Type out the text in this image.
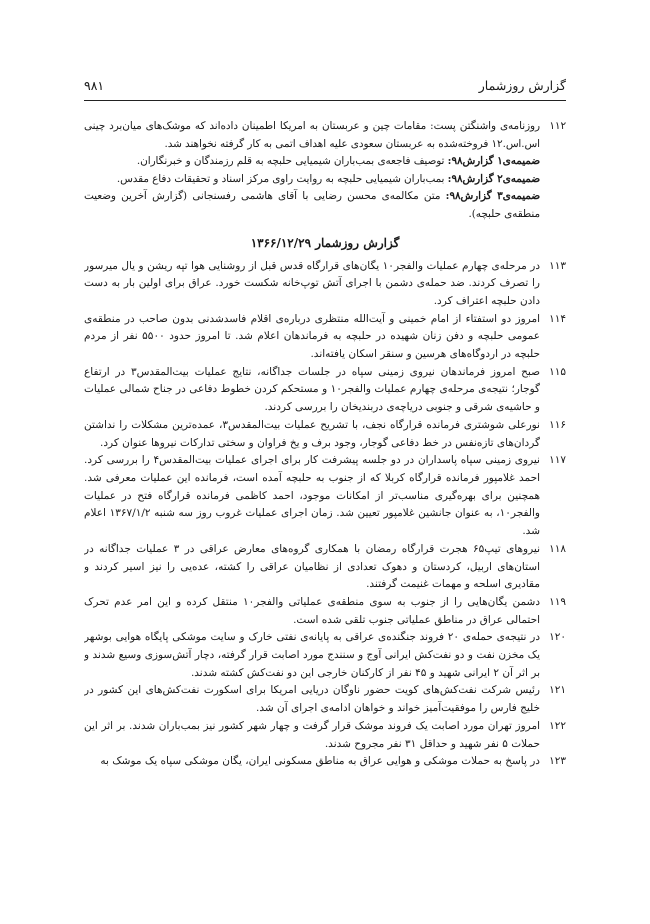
۹۸۱	گزارش روزشمار
۱۱۲
روزنامه‌ی واشنگتن پست: مقامات چین و عربستان به امریکا اطمینان داده‌اند که موشک‌های میان‌برد چینی اس.اس.۱۲ فروخته‌شده به عربستان سعودی علیه اهداف اتمی به کار گرفته نخواهند شد.
ضمیمه‌ی۱ گزارش۹۸: توصیف فاجعه‌ی بمب‌باران شیمیایی حلبچه به قلم رزمندگان و خبرنگاران.
ضمیمه‌ی۲ گزارش۹۸: بمب‌باران شیمیایی حلبچه به روایت راوی مرکز اسناد و تحقیقات دفاع مقدس.
ضمیمه‌ی۳ گزارش۹۸: متن مکالمه‌ی محسن رضایی با آقای هاشمی رفسنجانی (گزارش آخرین وضعیت منطقه‌ی حلبچه).
گزارش روزشمار ۱۳۶۶/۱۲/۲۹
۱۱۳
در مرحله‌ی چهارم عملیات والفجر۱۰ یگان‌های قرارگاه قدس قبل از روشنایی هوا تپه ریشن و یال میرسور را تصرف کردند. ضد حمله‌ی دشمن با اجرای آتش توپ‌خانه شکست خورد. عراق برای اولین بار به دست دادن حلبچه اعتراف کرد.
۱۱۴
امروز دو استفتاء از امام خمینی و آیت‌الله منتظری درباره‌ی اقلام فاسدشدنی بدون صاحب در منطقه‌ی عمومی حلبچه و دفن زنان شهیده در حلبچه به فرماندهان اعلام شد. تا امروز حدود ۵۵۰۰ نفر از مردم حلبچه در اردوگاه‌های هرسین و سنقر اسکان یافته‌اند.
۱۱۵
صبح امروز فرماندهان نیروی زمینی سپاه در جلسات جداگانه، نتایج عملیات بیت‌المقدس۳ در ارتفاع گوجار؛ نتیجه‌ی مرحله‌ی چهارم عملیات والفجر۱۰ و مستحکم کردن خطوط دفاعی در جناح شمالی عملیات و حاشیه‌ی شرقی و جنوبی دریاچه‌ی دربندیخان را بررسی کردند.
۱۱۶
نورعلی شوشتری فرمانده قرارگاه نجف، با تشریح عملیات بیت‌المقدس۳، عمده‌ترین مشکلات را نداشتن گردان‌های تازه‌نفس در خط دفاعی گوجار، وجود برف و یخ فراوان و سختی تدارکات نیروها عنوان کرد.
۱۱۷
نیروی زمینی سپاه پاسداران در دو جلسه پیشرفت کار برای اجرای عملیات بیت‌المقدس۴ را بررسی کرد. احمد غلامپور فرمانده قرارگاه کربلا که از جنوب به حلبچه آمده است، فرمانده این عملیات معرفی شد. همچنین برای بهره‌گیری مناسب‌تر از امکانات موجود، احمد کاظمی فرمانده قرارگاه فتح در عملیات والفجر۱۰، به عنوان جانشین غلامپور تعیین شد. زمان اجرای عملیات غروب روز سه شنبه ۱۳۶۷/۱/۲ اعلام شد.
۱۱۸
نیروهای تیپ۶۵ هجرت قرارگاه رمضان با همکاری گروه‌های معارض عراقی در ۳ عملیات جداگانه در استان‌های اربیل، کردستان و دهوک تعدادی از نظامیان عراقی را کشته، عده‌یی را نیز اسیر کردند و مقادیری اسلحه و مهمات غنیمت گرفتند.
۱۱۹
دشمن یگان‌هایی را از جنوب به سوی منطقه‌ی عملیاتی والفجر۱۰ منتقل کرده و این امر عدم تحرک احتمالی عراق در مناطق عملیاتی جنوب تلقی شده است.
۱۲۰
در نتیجه‌ی حمله‌ی ۲۰ فروند جنگنده‌ی عراقی به پایانه‌ی نفتی خارک و سایت موشکی پایگاه هوایی بوشهر یک مخزن نفت و دو نفت‌کش ایرانی آوج و سنندج مورد اصابت قرار گرفته، دچار آتش‌سوزی وسیع شدند و بر اثر آن ۲ ایرانی شهید و ۴۵ نفر از کارکنان خارجی این دو نفت‌کش کشته شدند.
۱۲۱
رئیس شرکت نفت‌کش‌های کویت حضور ناوگان دریایی امریکا برای اسکورت نفت‌کش‌های این کشور در خلیج فارس را موفقیت‌آمیز خواند و خواهان ادامه‌ی اجرای آن شد.
۱۲۲
امروز تهران مورد اصابت یک فروند موشک قرار گرفت و چهار شهر کشور نیز بمب‌باران شدند. بر اثر این حملات ۵ نفر شهید و حداقل ۳۱ نفر مجروح شدند.
۱۲۳
در پاسخ به حملات موشکی و هوایی عراق به مناطق مسکونی ایران، یگان موشکی سپاه یک موشک به
